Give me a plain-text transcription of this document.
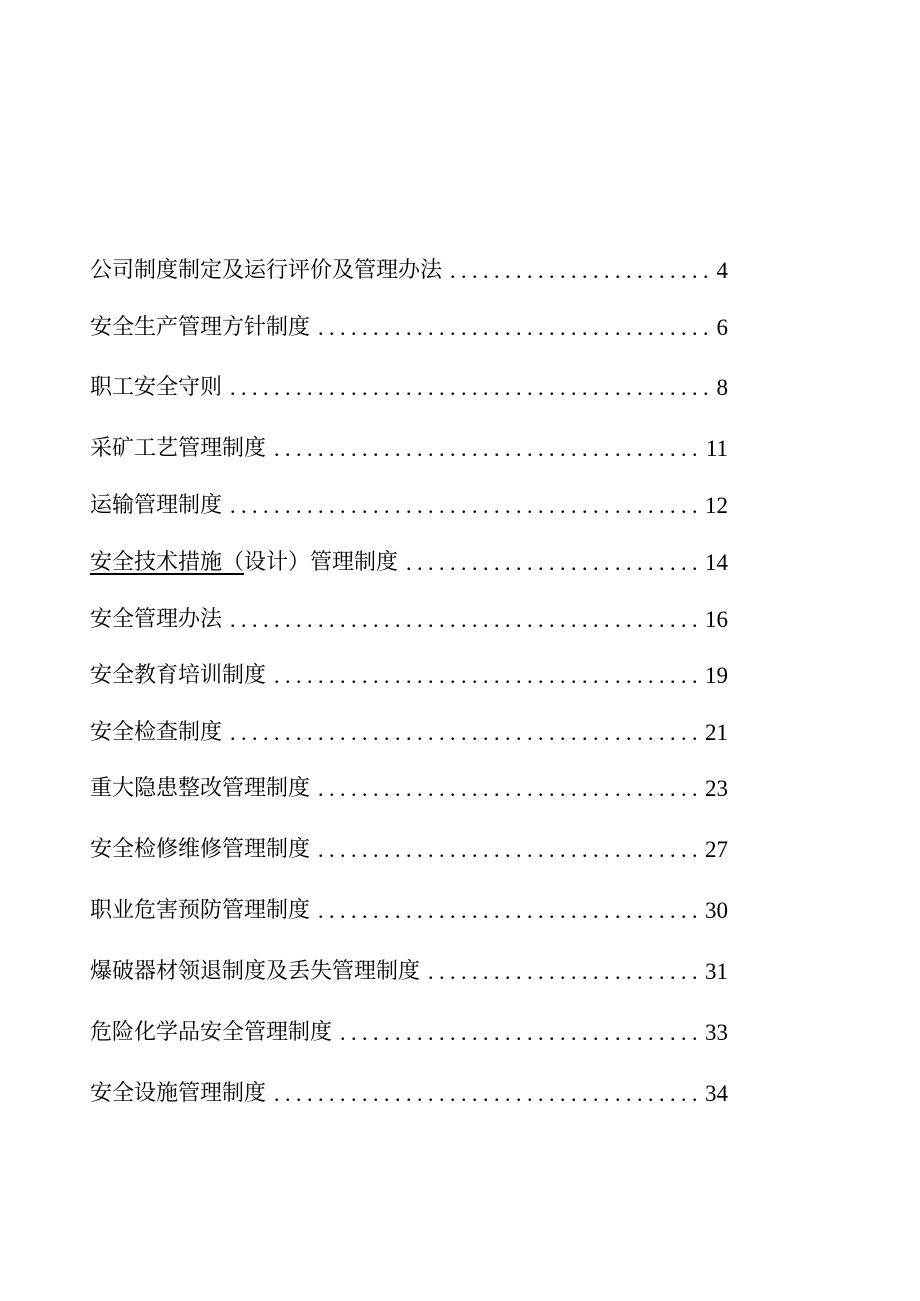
公司制度制定及运行评价及管理办法 . . .	4
安全生产管理方针制度 . . .	6
职工安全守则 . . .	8
采矿工艺管理制度 . . .	11
运输管理制度 . . .	12
安全技术措施（设计）管理制度 . . .	14
安全管理办法 . . .	16
安全教育培训制度 . . .	19
安全检查制度 . . .	21
重大隐患整改管理制度 . . .	23
安全检修维修管理制度 . . .	27
职业危害预防管理制度 . . .	30
爆破器材领退制度及丢失管理制度 . . .	31
危险化学品安全管理制度 . . .	33
安全设施管理制度 . . .	34
